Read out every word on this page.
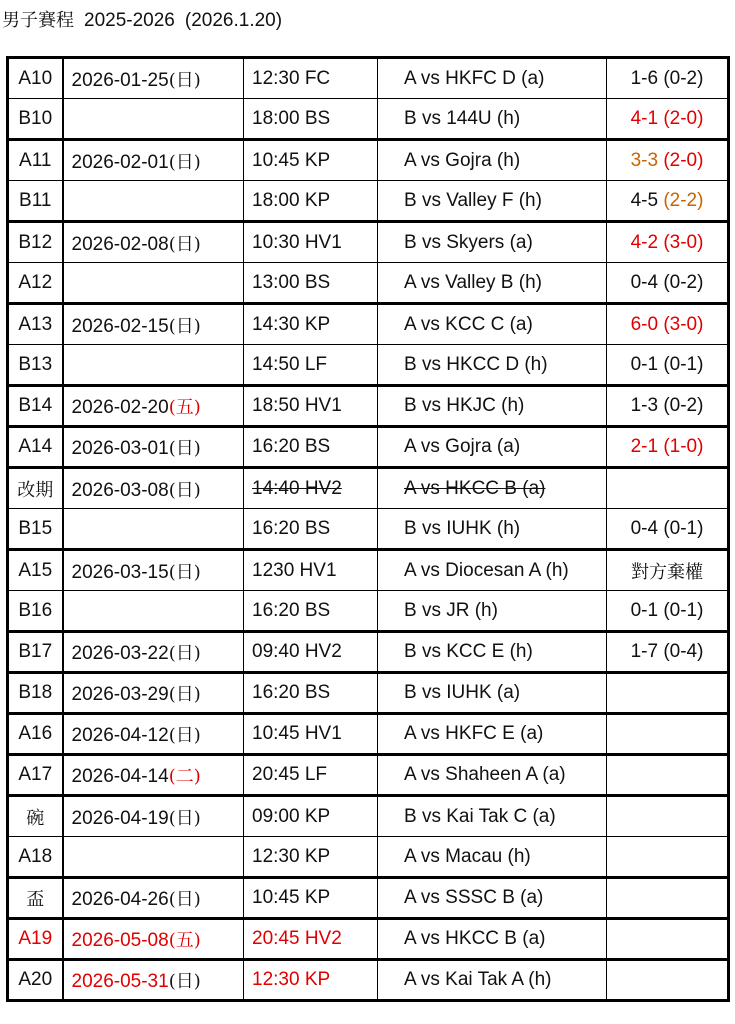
男子賽程 2025-2026 (2026.1.20)
A10	2026-01-25(日)	12:30 FC	A vs HKFC D (a)	1-6 (0-2)
B10		18:00 BS	B vs 144U (h)	4-1 (2-0)
A11	2026-02-01(日)	10:45 KP	A vs Gojra (h)	3-3 (2-0)
B11		18:00 KP	B vs Valley F (h)	4-5 (2-2)
B12	2026-02-08(日)	10:30 HV1	B vs Skyers (a)	4-2 (3-0)
A12		13:00 BS	A vs Valley B (h)	0-4 (0-2)
A13	2026-02-15(日)	14:30 KP	A vs KCC C (a)	6-0 (3-0)
B13		14:50 LF	B vs HKCC D (h)	0-1 (0-1)
B14	2026-02-20(五)	18:50 HV1	B vs HKJC (h)	1-3 (0-2)
A14	2026-03-01(日)	16:20 BS	A vs Gojra (a)	2-1 (1-0)
改期	2026-03-08(日)	14:40 HV2	A vs HKCC B (a)	
B15		16:20 BS	B vs IUHK (h)	0-4 (0-1)
A15	2026-03-15(日)	1230 HV1	A vs Diocesan A (h)	對方棄權
B16		16:20 BS	B vs JR (h)	0-1 (0-1)
B17	2026-03-22(日)	09:40 HV2	B vs KCC E (h)	1-7 (0-4)
B18	2026-03-29(日)	16:20 BS	B vs IUHK (a)	
A16	2026-04-12(日)	10:45 HV1	A vs HKFC E (a)	
A17	2026-04-14(二)	20:45 LF	A vs Shaheen A (a)	
碗	2026-04-19(日)	09:00 KP	B vs Kai Tak C (a)	
A18		12:30 KP	A vs Macau (h)	
盃	2026-04-26(日)	10:45 KP	A vs SSSC B (a)	
A19	2026-05-08(五)	20:45 HV2	A vs HKCC B (a)	
A20	2026-05-31(日)	12:30 KP	A vs Kai Tak A (h)	
